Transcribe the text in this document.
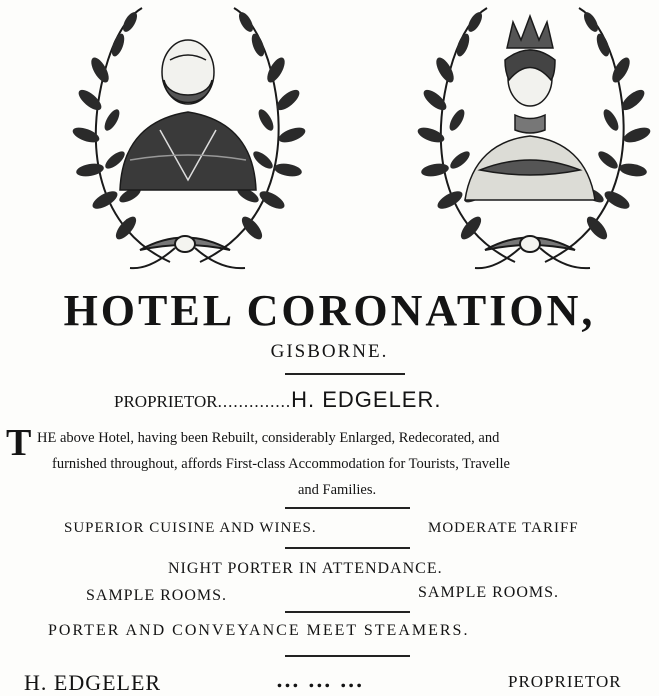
HOTEL CORONATION,
GISBORNE.
PROPRIETOR..............H. EDGELER.
T HE above Hotel, having been Rebuilt, considerably Enlarged, Redecorated, and
furnished throughout, affords First-class Accommodation for Tourists, Travelle
and Families.
SUPERIOR CUISINE AND WINES.	MODERATE TARIFF
NIGHT PORTER IN ATTENDANCE.
SAMPLE ROOMS.	SAMPLE ROOMS.
PORTER AND CONVEYANCE MEET STEAMERS.
H. EDGELER	... ... ...	PROPRIETOR
